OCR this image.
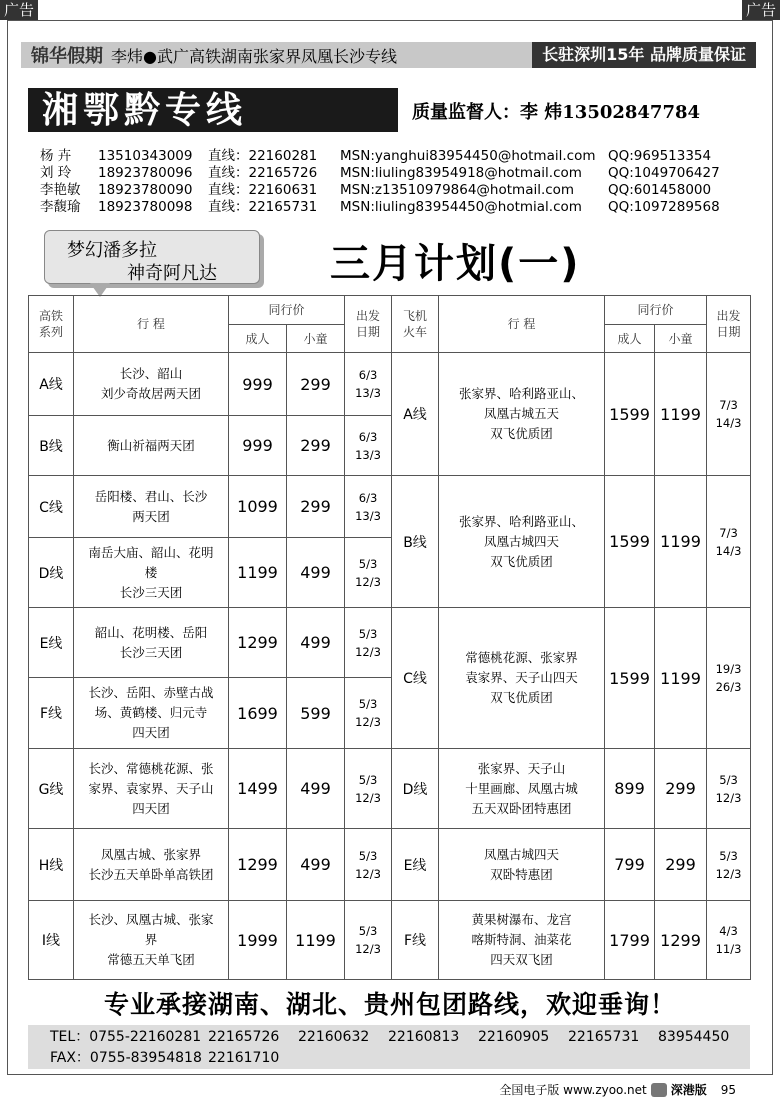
广告	广告
锦华假期 李炜●武广高铁湖南张家界凤凰长沙专线	长驻深圳15年 品牌质量保证
湘鄂黔专线	质量监督人：李 炜13502847784
杨 卉	13510343009	直线：22160281	MSN:yanghui83954450@hotmail.com QQ:969513354
刘 玲	18923780096	直线：22165726	MSN:liuling83954918@hotmail.com	QQ:1049706427
李艳敏	18923780090	直线：22160631	MSN:z13510979864@hotmail.com	QQ:601458000
李馥瑜	18923780098	直线：22165731	MSN:liuling83954450@hotmial.com	QQ:1097289568
梦幻潘多拉
神奇阿凡达	三月计划(一)
高铁
系列	行 程	同行价		出发
日期	飞机
火车	行 程	同行价		出发
日期
		成人	小童				成人	小童	
A线	长沙、韶山
刘少奇故居两天团	999	299	6/3
13/3	A线	张家界、哈利路亚山、
凤凰古城五天
双飞优质团	1599	1199	7/3
14/3
B线	衡山祈福两天团	999	299	6/3
13/3					
C线	岳阳楼、君山、长沙
两天团	1099	299	6/3
13/3	B线	张家界、哈利路亚山、
凤凰古城四天
双飞优质团	1599	1199	7/3
14/3
D线	南岳大庙、韶山、花明
楼
长沙三天团	1199	499	5/3
12/3					
E线	韶山、花明楼、岳阳
长沙三天团	1299	499	5/3
12/3	C线	常德桃花源、张家界
袁家界、天子山四天
双飞优质团	1599	1199	19/3
26/3
F线	长沙、岳阳、赤壁古战
场、黄鹤楼、归元寺
四天团	1699	599	5/3
12/3					
G线	长沙、常德桃花源、张
家界、袁家界、天子山
四天团	1499	499	5/3
12/3	D线	张家界、天子山
十里画廊、凤凰古城
五天双卧团特惠团	899	299	5/3
12/3
H线	凤凰古城、张家界
长沙五天单卧单高铁团	1299	499	5/3
12/3	E线	凤凰古城四天
双卧特惠团	799	299	5/3
12/3
I线	长沙、凤凰古城、张家
界
常德五天单飞团	1999	1199	5/3
12/3	F线	黄果树瀑布、龙宫
喀斯特洞、油菜花
四天双飞团	1799	1299	4/3
11/3
专业承接湖南、湖北、贵州包团路线，欢迎垂询！
TEL：0755-22160281 22165726	22160632	22160813	22160905	22165731	83954450
FAX：0755-83954818 22161710
全国电子版 www.zyoo.net 深港版 95
